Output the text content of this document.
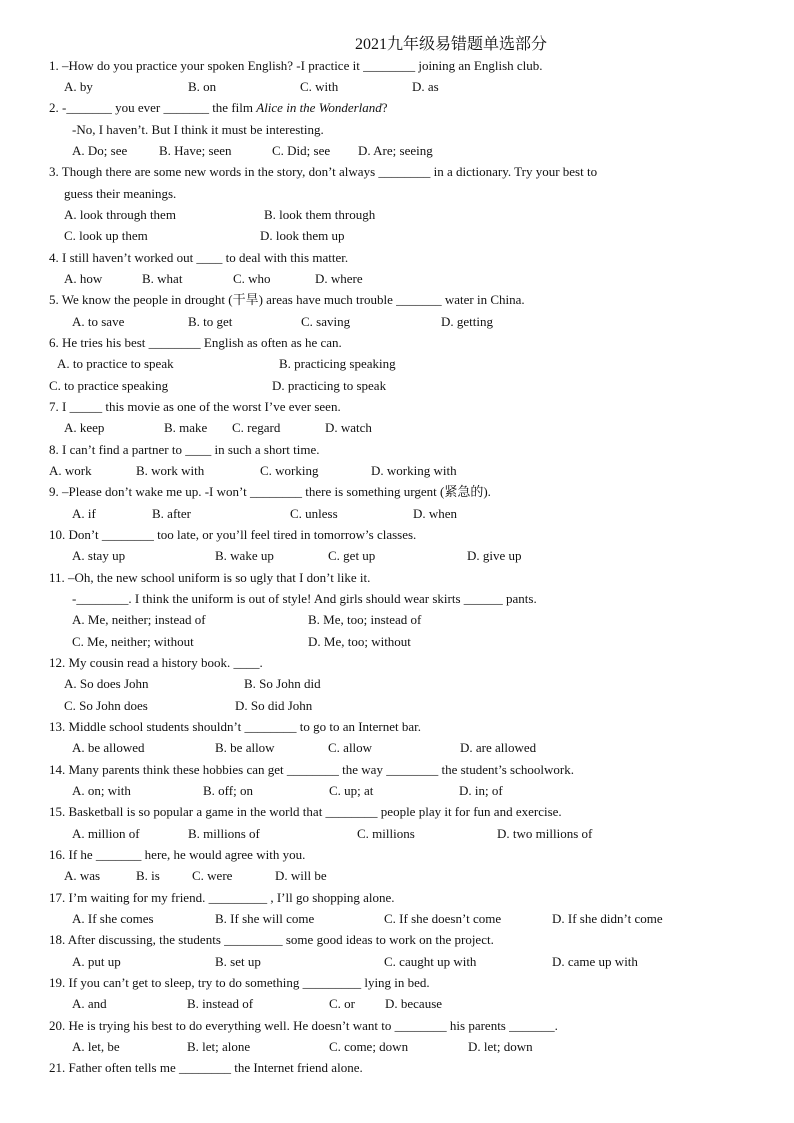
2021九年级易错题单选部分
1. –How do you practice your spoken English? -I practice it ________ joining an English club.
A. by	B. on	C. with	D. as
2. -_______ you ever _______ the film Alice in the Wonderland?
-No, I haven’t. But I think it must be interesting.
A. Do; see B. Have; seen	C. Did; see D. Are; seeing
3. Though there are some new words in the story, don’t always ________ in a dictionary. Try your best to
guess their meanings.
A. look through them	B. look them through
C. look up them	D. look them up
4. I still haven’t worked out ____ to deal with this matter.
A. how	B. what	C. who	D. where
5. We know the people in drought (干旱) areas have much trouble _______ water in China.
A. to save	B. to get	C. saving	D. getting
6. He tries his best ________ English as often as he can.
A. to practice to speak	B. practicing speaking
C. to practice speaking	D. practicing to speak
7. I _____ this movie as one of the worst I’ve ever seen.
A. keep	B. make C. regard	D. watch
8. I can’t find a partner to ____ in such a short time.
A. work	B. work with	C. working	D. working with
9. –Please don’t wake me up. -I won’t ________ there is something urgent (紧急的).
A. if	B. after	C. unless	D. when
10. Don’t ________ too late, or you’ll feel tired in tomorrow’s classes.
A. stay up	B. wake up	C. get up	D. give up
11. –Oh, the new school uniform is so ugly that I don’t like it.
-________. I think the uniform is out of style! And girls should wear skirts ______ pants.
A. Me, neither; instead of	B. Me, too; instead of
C. Me, neither; without	D. Me, too; without
12. My cousin read a history book. ____.
A. So does John	B. So John did
C. So John does	D. So did John
13. Middle school students shouldn’t ________ to go to an Internet bar.
A. be allowed	B. be allow	C. allow	D. are allowed
14. Many parents think these hobbies can get ________ the way ________ the student’s schoolwork.
A. on; with	B. off; on	C. up; at	D. in; of
15. Basketball is so popular a game in the world that ________ people play it for fun and exercise.
A. million of	B. millions of	C. millions	D. two millions of
16. If he _______ here, he would agree with you.
A. was	B. is C. were	D. will be
17. I’m waiting for my friend. _________ , I’ll go shopping alone.
A. If she comes	B. If she will come	C. If she doesn’t come	D. If she didn’t come
18. After discussing, the students _________ some good ideas to work on the project.
A. put up	B. set up	C. caught up with	D. came up with
19. If you can’t get to sleep, try to do something _________ lying in bed.
A. and	B. instead of	C. or D. because
20. He is trying his best to do everything well. He doesn’t want to ________ his parents _______.
A. let, be	B. let; alone	C. come; down	D. let; down
21. Father often tells me ________ the Internet friend alone.
